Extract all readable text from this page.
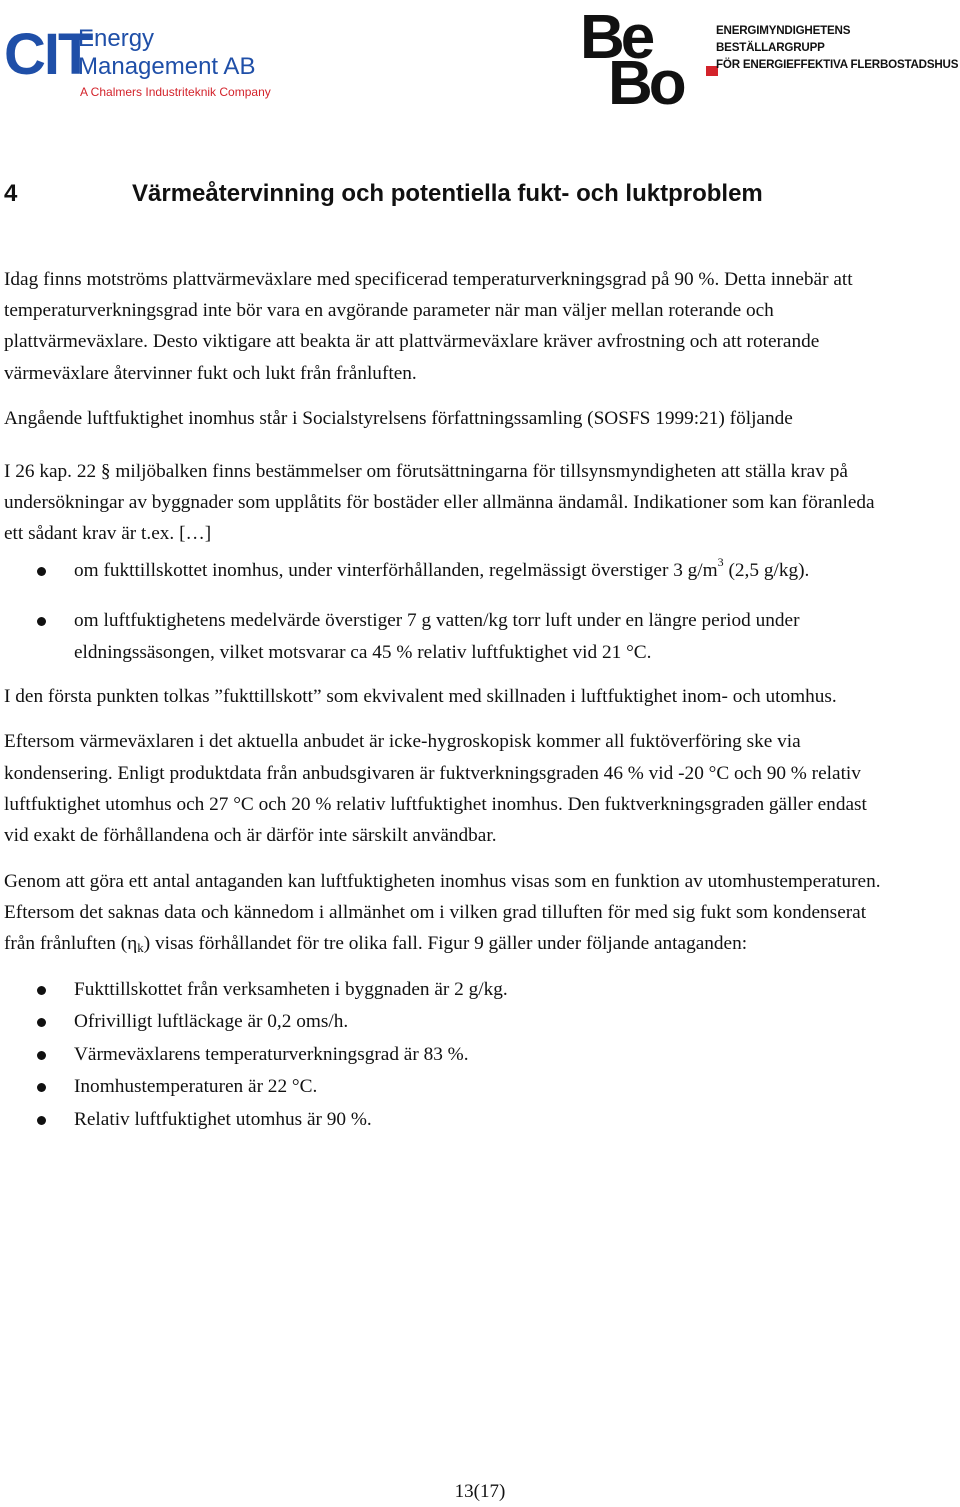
CIT
Energy
Management AB
A Chalmers Industriteknik Company
Be
Bo
ENERGIMYNDIGHETENS BESTÄLLARGRUPP
FÖR ENERGIEFFEKTIVA FLERBOSTADSHUS
4	Värmeåtervinning och potentiella fukt- och luktproblem

Idag finns motströms plattvärmeväxlare med specificerad temperaturverkningsgrad på 90 %. Detta innebär att temperaturverkningsgrad inte bör vara en avgörande parameter när man väljer mellan roterande och plattvärmeväxlare. Desto viktigare att beakta är att plattvärmeväxlare kräver avfrostning och att roterande värmeväxlare återvinner fukt och lukt från frånluften.

Angående luftfuktighet inomhus står i Socialstyrelsens författningssamling (SOSFS 1999:21) följande

I 26 kap. 22 § miljöbalken finns bestämmelser om förutsättningarna för tillsynsmyndigheten att ställa krav på undersökningar av byggnader som upplåtits för bostäder eller allmänna ändamål. Indikationer som kan föranleda ett sådant krav är t.ex. […]

om fukttillskottet inomhus, under vinterförhållanden, regelmässigt överstiger 3 $g/m^3$ (2,5 g/kg).
om luftfuktighetens medelvärde överstiger 7 g vatten/kg torr luft under en längre period under eldningssäsongen, vilket motsvarar ca 45 % relativ luftfuktighet vid 21 °C.

I den första punkten tolkas ”fukttillskott” som ekvivalent med skillnaden i luftfuktighet inom- och utomhus.

Eftersom värmeväxlaren i det aktuella anbudet är icke-hygroskopisk kommer all fuktöverföring ske via kondensering. Enligt produktdata från anbudsgivaren är fuktverkningsgraden 46 % vid -20 °C och 90 % relativ luftfuktighet utomhus och 27 °C och 20 % relativ luftfuktighet inomhus. Den fuktverkningsgraden gäller endast vid exakt de förhållandena och är därför inte särskilt användbar.

Genom att göra ett antal antaganden kan luftfuktigheten inomhus visas som en funktion av utomhustemperaturen. Eftersom det saknas data och kännedom i allmänhet om i vilken grad tilluften för med sig fukt som kondenserat från frånluften $(\eta_k)$ visas förhållandet för tre olika fall. Figur 9 gäller under följande antaganden:

Fukttillskottet från verksamheten i byggnaden är 2 g/kg.
Ofrivilligt luftläckage är 0,2 oms/h.
Värmeväxlarens temperaturverkningsgrad är 83 %.
Inomhustemperaturen är 22 °C.
Relativ luftfuktighet utomhus är 90 %.
13(17)
